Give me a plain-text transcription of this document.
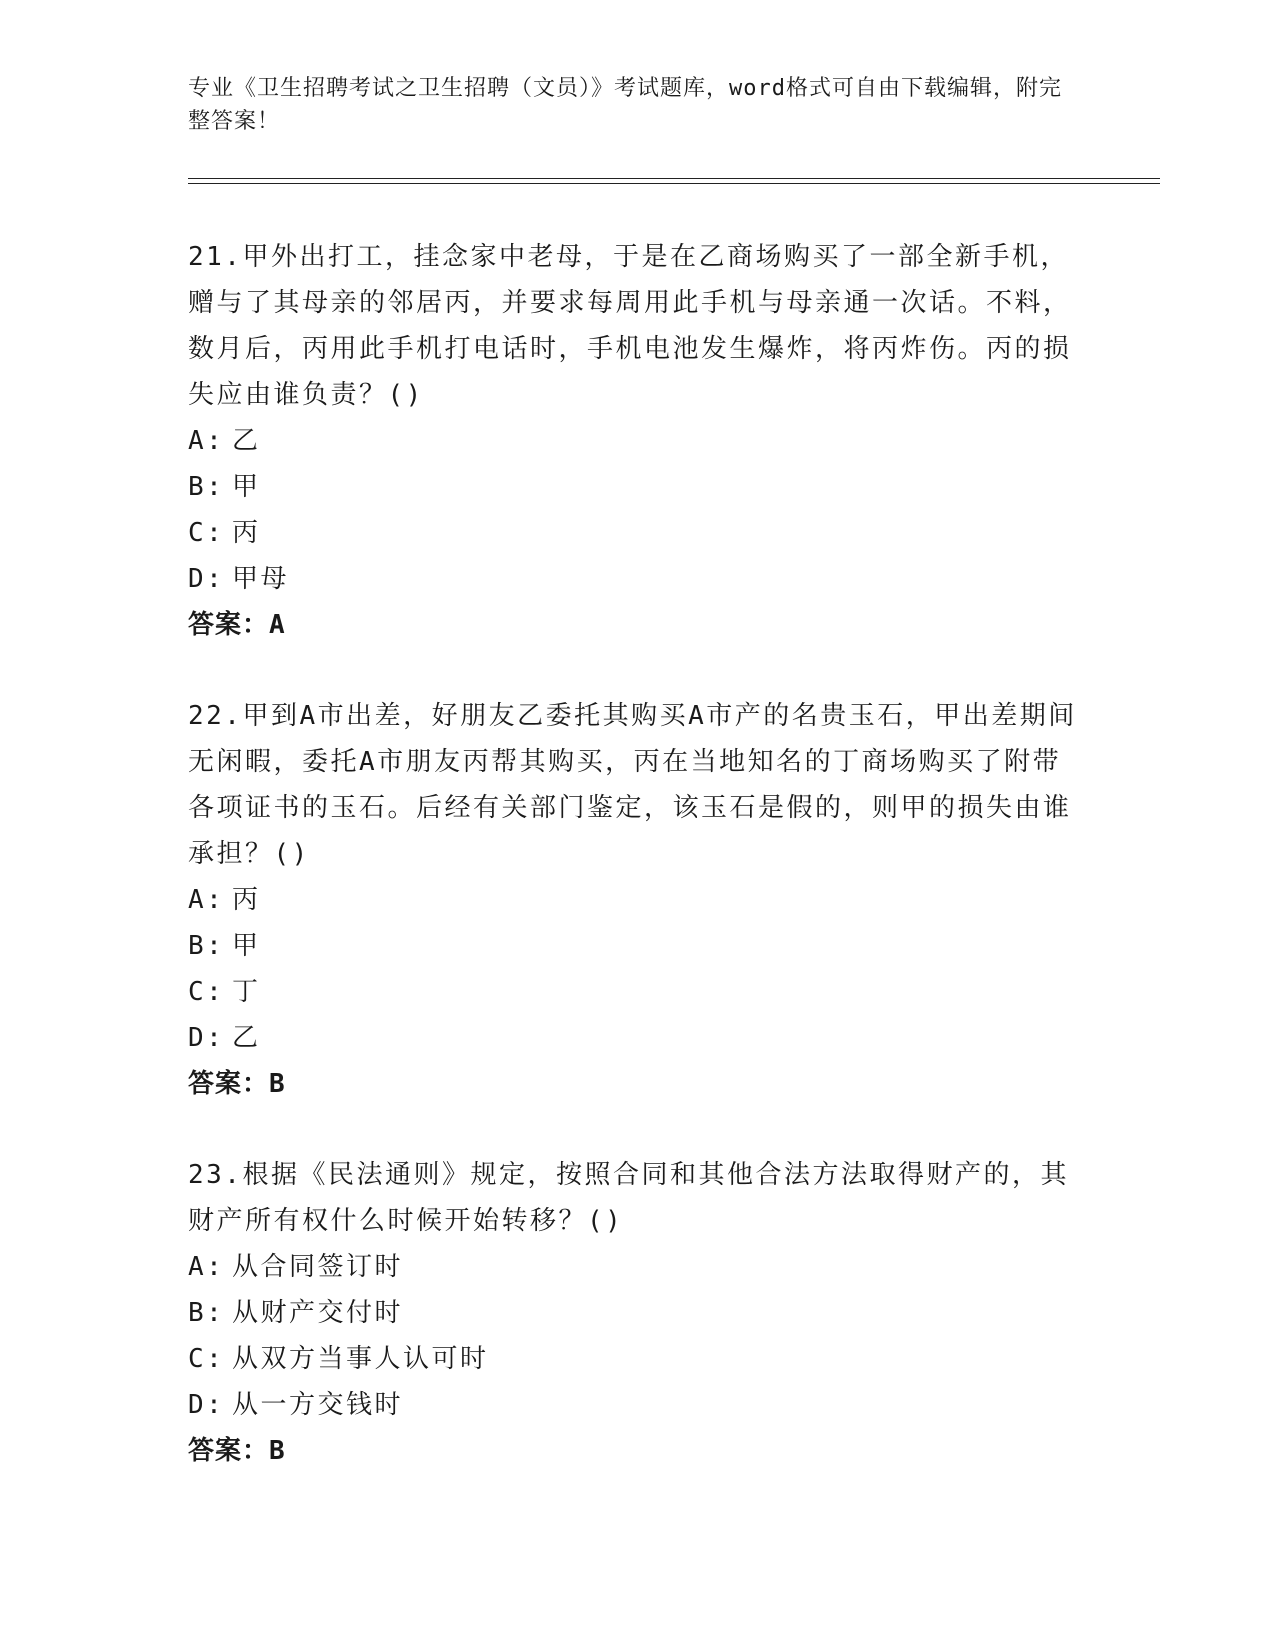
专业《卫生招聘考试之卫生招聘（文员）》考试题库，word格式可自由下载编辑，附完整答案！

21.甲外出打工，挂念家中老母，于是在乙商场购买了一部全新手机，赠与了其母亲的邻居丙，并要求每周用此手机与母亲通一次话。不料，数月后，丙用此手机打电话时，手机电池发生爆炸，将丙炸伤。丙的损失应由谁负责？()

A: 乙

B: 甲

C: 丙

D: 甲母

答案：A

22.甲到A市出差，好朋友乙委托其购买A市产的名贵玉石，甲出差期间无闲暇，委托A市朋友丙帮其购买，丙在当地知名的丁商场购买了附带各项证书的玉石。后经有关部门鉴定，该玉石是假的，则甲的损失由谁承担？()

A: 丙

B: 甲

C: 丁

D: 乙

答案：B

23.根据《民法通则》规定，按照合同和其他合法方法取得财产的，其财产所有权什么时候开始转移？()

A: 从合同签订时

B: 从财产交付时

C: 从双方当事人认可时

D: 从一方交钱时

答案：B
